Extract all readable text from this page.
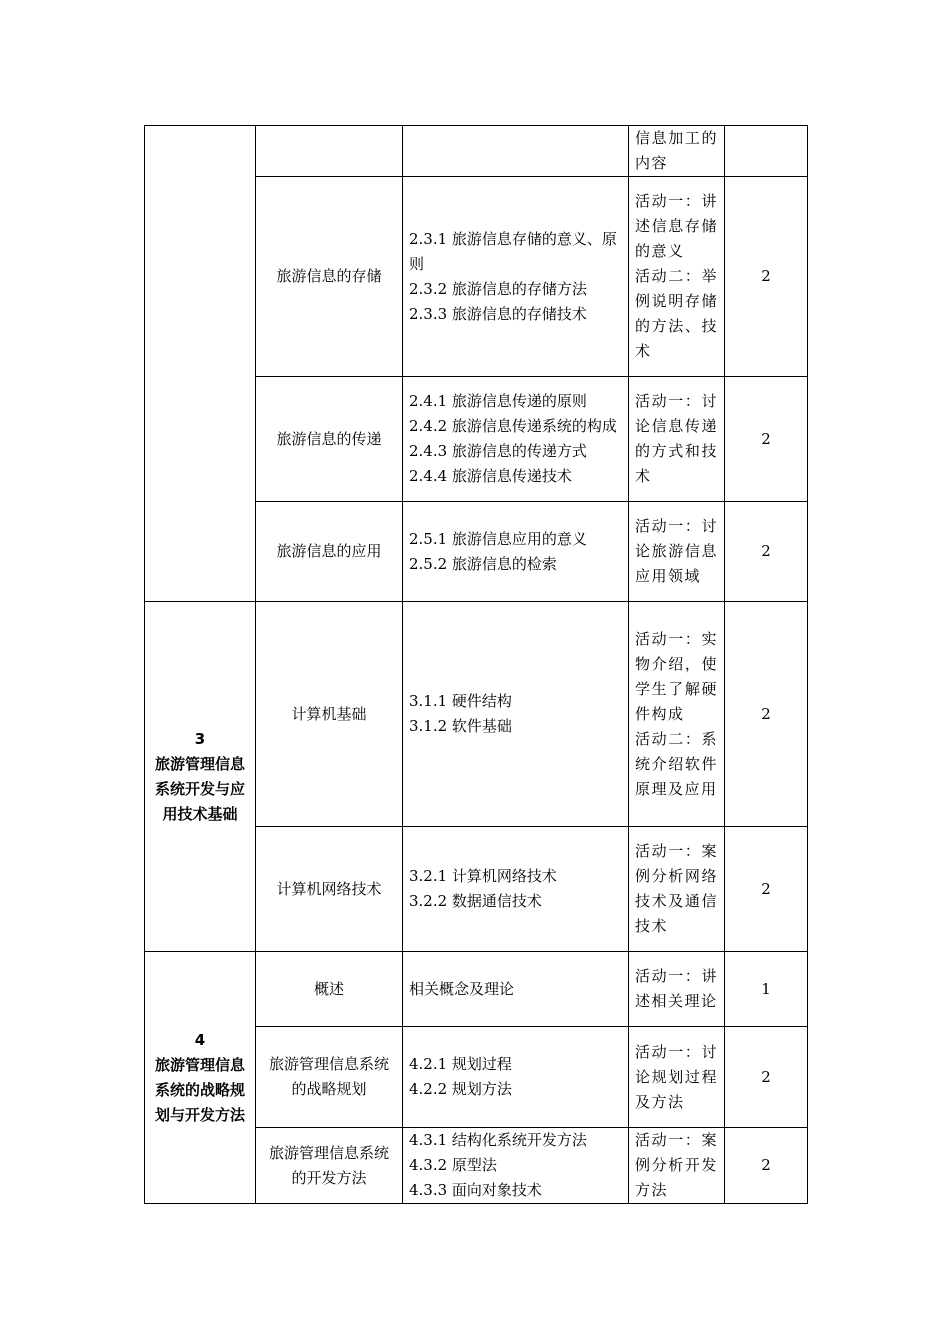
			信息加工的内容	

	旅游信息的存储	2.3.1 旅游信息存储的意义、原则
2.3.2 旅游信息的存储方法
2.3.3 旅游信息的存储技术	活动一：讲述信息存储的意义
活动二：举例说明存储的方法、技术	2
	旅游信息的传递	2.4.1 旅游信息传递的原则
2.4.2 旅游信息传递系统的构成
2.4.3 旅游信息的传递方式
2.4.4 旅游信息传递技术	活动一：讨论信息传递的方式和技术	2
	旅游信息的应用	2.5.1 旅游信息应用的意义
2.5.2 旅游信息的检索	活动一：讨论旅游信息应用领域	2

3
旅游管理信息系统开发与应用技术基础	计算机基础	3.1.1 硬件结构
3.1.2 软件基础	活动一：实物介绍，使学生了解硬件构成
活动二：系统介绍软件原理及应用	2
	计算机网络技术	3.2.1 计算机网络技术
3.2.2 数据通信技术	活动一：案例分析网络技术及通信技术	2

4
旅游管理信息系统的战略规划与开发方法	概述	相关概念及理论	活动一：讲述相关理论	1
	旅游管理信息系统的战略规划	4.2.1 规划过程
4.2.2 规划方法	活动一：讨论规划过程及方法	2
	旅游管理信息系统的开发方法	4.3.1 结构化系统开发方法
4.3.2 原型法
4.3.3 面向对象技术	活动一：案例分析开发方法	2
